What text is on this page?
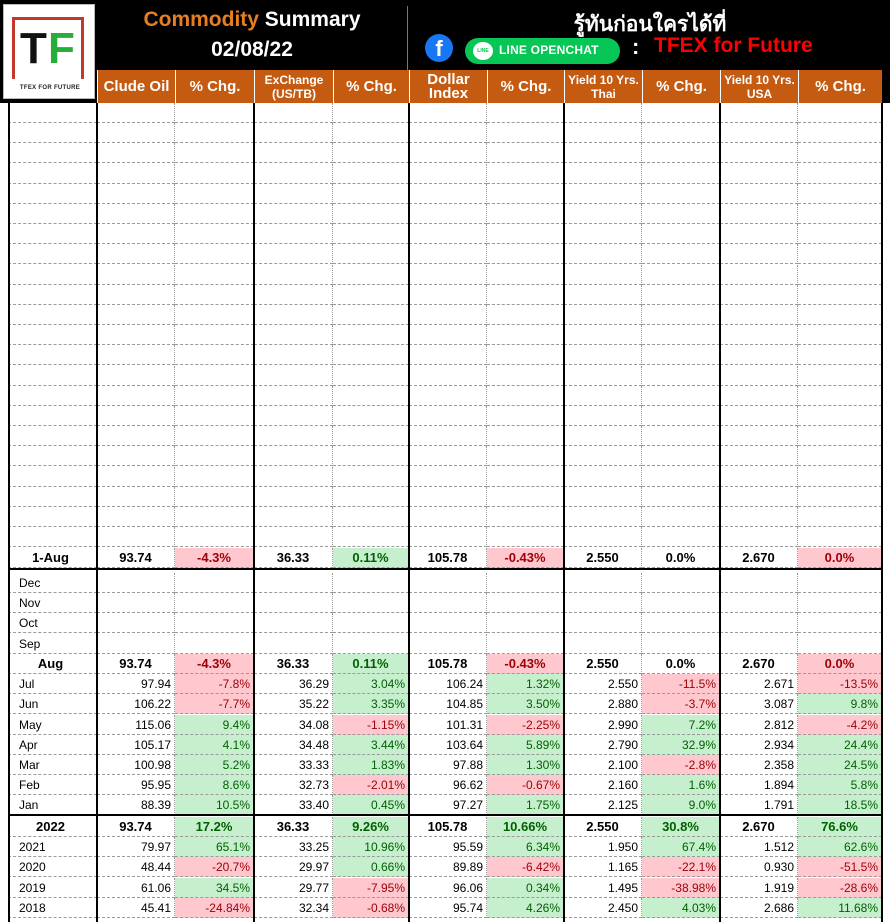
T F
TFEX FOR FUTURE
Commodity Summary
02/08/22
รู้ทันก่อนใครได้ที่
f	LINE LINE OPENCHAT : TFEX for Future
Clude Oil	% Chg.	ExChange (US/TB)	% Chg.	Dollar Index	% Chg.	Yield 10 Yrs. Thai	% Chg.	Yield 10 Yrs. USA	% Chg.
1-Aug	93.74	-4.3%	36.33	0.11%	105.78	-0.43%	2.550	0.0%	2.670	0.0%
Dec
Nov
Oct
Sep
Aug	93.74	-4.3%	36.33	0.11%	105.78	-0.43%	2.550	0.0%	2.670	0.0%
Jul	97.94	-7.8%	36.29	3.04%	106.24	1.32%	2.550	-11.5%	2.671	-13.5%
Jun	106.22	-7.7%	35.22	3.35%	104.85	3.50%	2.880	-3.7%	3.087	9.8%
May	115.06	9.4%	34.08	-1.15%	101.31	-2.25%	2.990	7.2%	2.812	-4.2%
Apr	105.17	4.1%	34.48	3.44%	103.64	5.89%	2.790	32.9%	2.934	24.4%
Mar	100.98	5.2%	33.33	1.83%	97.88	1.30%	2.100	-2.8%	2.358	24.5%
Feb	95.95	8.6%	32.73	-2.01%	96.62	-0.67%	2.160	1.6%	1.894	5.8%
Jan	88.39	10.5%	33.40	0.45%	97.27	1.75%	2.125	9.0%	1.791	18.5%
2022	93.74	17.2%	36.33	9.26%	105.78	10.66%	2.550	30.8%	2.670	76.6%
2021	79.97	65.1%	33.25	10.96%	95.59	6.34%	1.950	67.4%	1.512	62.6%
2020	48.44	-20.7%	29.97	0.66%	89.89	-6.42%	1.165	-22.1%	0.930	-51.5%
2019	61.06	34.5%	29.77	-7.95%	96.06	0.34%	1.495	-38.98%	1.919	-28.6%
2018	45.41	-24.84%	32.34	-0.68%	95.74	4.26%	2.450	4.03%	2.686	11.68%
